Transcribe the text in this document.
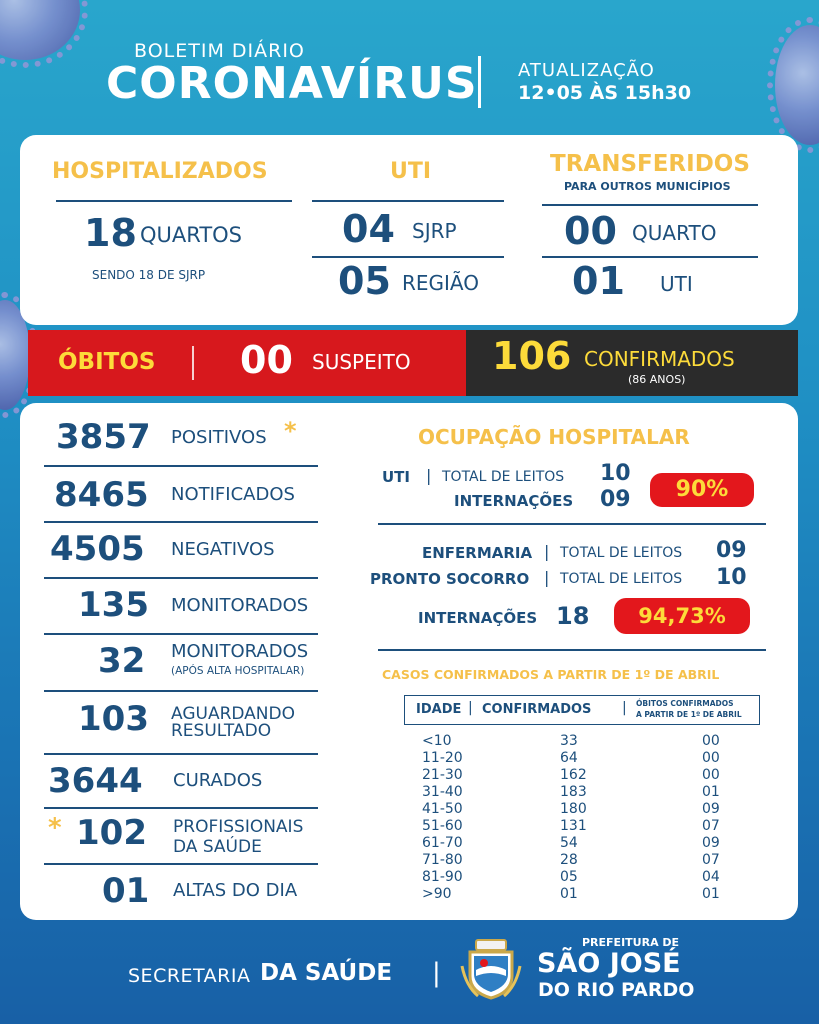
BOLETIM DIÁRIO
CORONAVÍRUS ATUALIZAÇÃO
12•05 ÀS 15h30
HOSPITALIZADOS
18 QUARTOS
SENDO 18 DE SJRP
UTI
04 SJRP
05 REGIÃO
TRANSFERIDOS
PARA OUTROS MUNICÍPIOS
00 QUARTO
01 UTI
ÓBITOS 00 SUSPEITO 106 CONFIRMADOS
(86 ANOS)
3857 POSITIVOS *
8465 NOTIFICADOS
4505 NEGATIVOS
135 MONITORADOS
32 MONITORADOS
(APÓS ALTA HOSPITALAR)
103 AGUARDANDO
RESULTADO
3644 CURADOS
* 102 PROFISSIONAIS
DA SAÚDE
01 ALTAS DO DIA
OCUPAÇÃO HOSPITALAR
UTI | TOTAL DE LEITOS 10
INTERNAÇÕES 09	90%
ENFERMARIA | TOTAL DE LEITOS 09
PRONTO SOCORRO | TOTAL DE LEITOS 10
INTERNAÇÕES 18	94,73%
CASOS CONFIRMADOS A PARTIR DE 1º DE ABRIL
IDADE | CONFIRMADOS | ÓBITOS CONFIRMADOS
A PARTIR DE 1º DE ABRIL
<10	33	00
11-20	64	00
21-30	162	00
31-40	183	01
41-50	180	09
51-60	131	07
61-70	54	09
71-80	28	07
81-90	05	04
>90	01	01
SECRETARIA DA SAÚDE |
PREFEITURA DE
SÃO JOSÉ
DO RIO PARDO
